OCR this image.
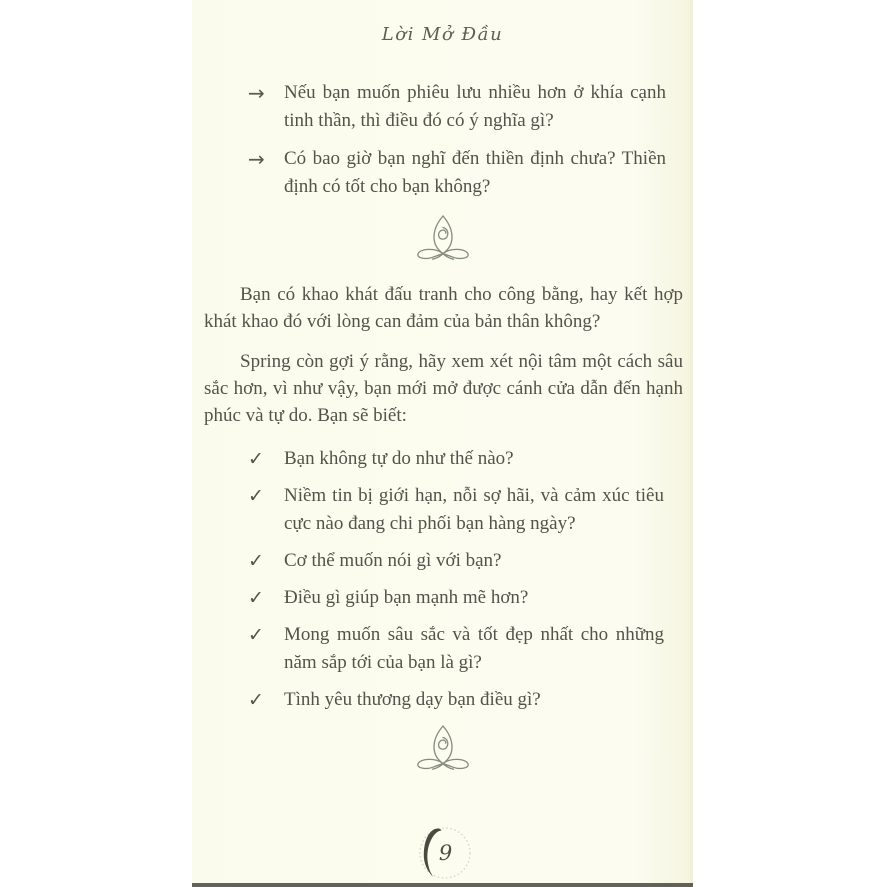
Lời Mở Đầu
→	Nếu bạn muốn phiêu lưu nhiều hơn ở khía cạnh tinh thần, thì điều đó có ý nghĩa gì?
→	Có bao giờ bạn nghĩ đến thiền định chưa? Thiền định có tốt cho bạn không?

Bạn có khao khát đấu tranh cho công bằng, hay kết hợp khát khao đó với lòng can đảm của bản thân không?

Spring còn gợi ý rằng, hãy xem xét nội tâm một cách sâu sắc hơn, vì như vậy, bạn mới mở được cánh cửa dẫn đến hạnh phúc và tự do. Bạn sẽ biết:

✓	Bạn không tự do như thế nào?
✓	Niềm tin bị giới hạn, nỗi sợ hãi, và cảm xúc tiêu cực nào đang chi phối bạn hàng ngày?
✓	Cơ thể muốn nói gì với bạn?
✓	Điều gì giúp bạn mạnh mẽ hơn?
✓	Mong muốn sâu sắc và tốt đẹp nhất cho những năm sắp tới của bạn là gì?
✓	Tình yêu thương dạy bạn điều gì?
9
